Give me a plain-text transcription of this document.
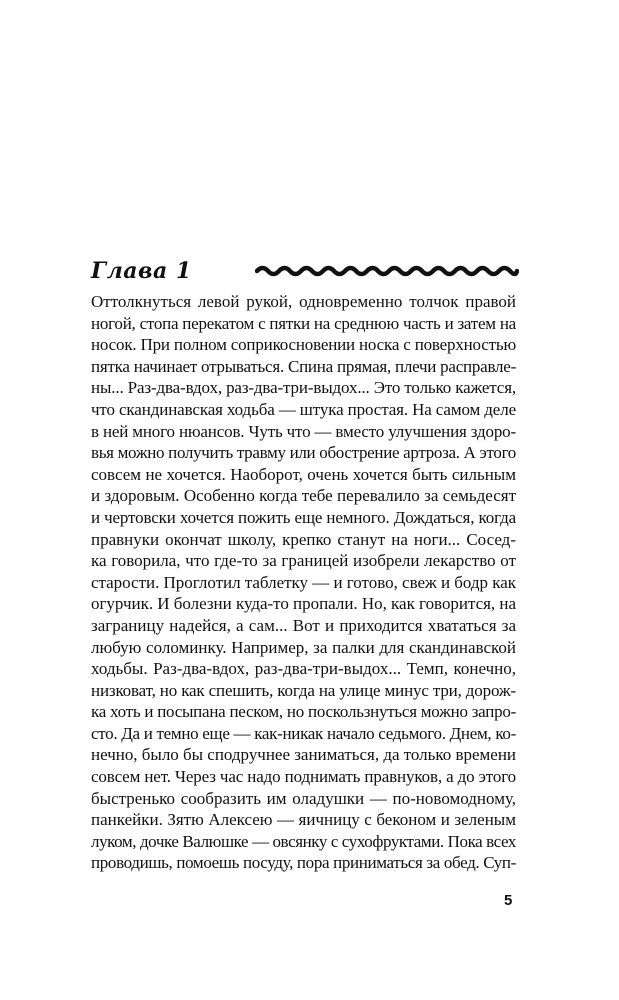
Глава 1
Оттолкнуться левой рукой, одновременно толчок правой
ногой, стопа перекатом с пятки на среднюю часть и затем на
носок. При полном соприкосновении носка с поверхностью
пятка начинает отрываться. Спина прямая, плечи расправле-
ны... Раз-два-вдох, раз-два-три-выдох... Это только кажется,
что скандинавская ходьба — штука простая. На самом деле
в ней много нюансов. Чуть что — вместо улучшения здоро-
вья можно получить травму или обострение артроза. А этого
совсем не хочется. Наоборот, очень хочется быть сильным
и здоровым. Особенно когда тебе перевалило за семьдесят
и чертовски хочется пожить еще немного. Дождаться, когда
правнуки окончат школу, крепко станут на ноги... Сосед-
ка говорила, что где-то за границей изобрели лекарство от
старости. Проглотил таблетку — и готово, свеж и бодр как
огурчик. И болезни куда-то пропали. Но, как говорится, на
заграницу надейся, а сам... Вот и приходится хвататься за
любую соломинку. Например, за палки для скандинавской
ходьбы. Раз-два-вдох, раз-два-три-выдох... Темп, конечно,
низковат, но как спешить, когда на улице минус три, дорож-
ка хоть и посыпана песком, но поскользнуться можно запро-
сто. Да и темно еще — как-никак начало седьмого. Днем, ко-
нечно, было бы сподручнее заниматься, да только времени
совсем нет. Через час надо поднимать правнуков, а до этого
быстренько сообразить им оладушки — по-новомодному,
панкейки. Зятю Алексею — яичницу с беконом и зеленым
луком, дочке Валюшке — овсянку с сухофруктами. Пока всех
проводишь, помоешь посуду, пора приниматься за обед. Суп-
5
